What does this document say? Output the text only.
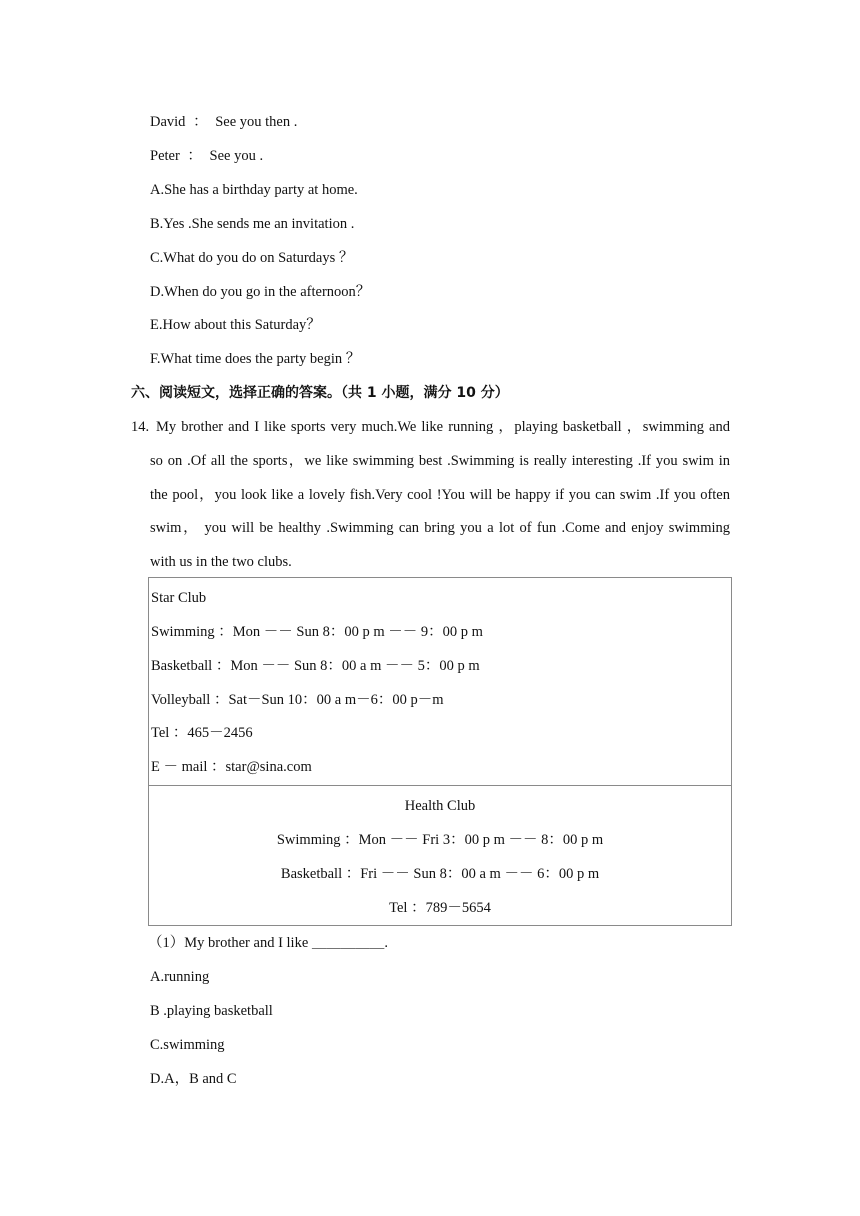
David ： See you then .
Peter ： See you .
A.She has a birthday party at home.
B.Yes .She sends me an invitation .
C.What do you do on Saturdays ？
D.When do you go in the afternoon？
E.How about this Saturday？
F.What time does the party begin ？
六、阅读短文，选择正确的答案。（共 1 小题，满分 10 分）
14. My brother and I like sports very much.We like running ，playing basketball ，swimming and
so on .Of all the sports，we like swimming best .Swimming is really interesting .If you swim in
the pool，you look like a lovely fish.Very cool !You will be happy if you can swim .If you often
swim， you will be healthy .Swimming can bring you a lot of fun .Come and enjoy swimming
with us in the two clubs.
Star Club
Swimming ：Mon －－ Sun 8：00 p m －－ 9：00 p m
Basketball ：Mon －－ Sun 8：00 a m －－ 5：00 p m
Volleyball ：Sat－Sun 10：00 a m－6：00 p－m
Tel ：465－2456
E － mail ：star@sina.com
Health Club
Swimming ：Mon －－ Fri 3：00 p m －－ 8：00 p m
Basketball ：Fri －－ Sun 8：00 a m －－ 6：00 p m
Tel ：789－5654
（1）My brother and I like ＿＿＿＿＿.
A.running
B .playing basketball
C.swimming
D.A，B and C
